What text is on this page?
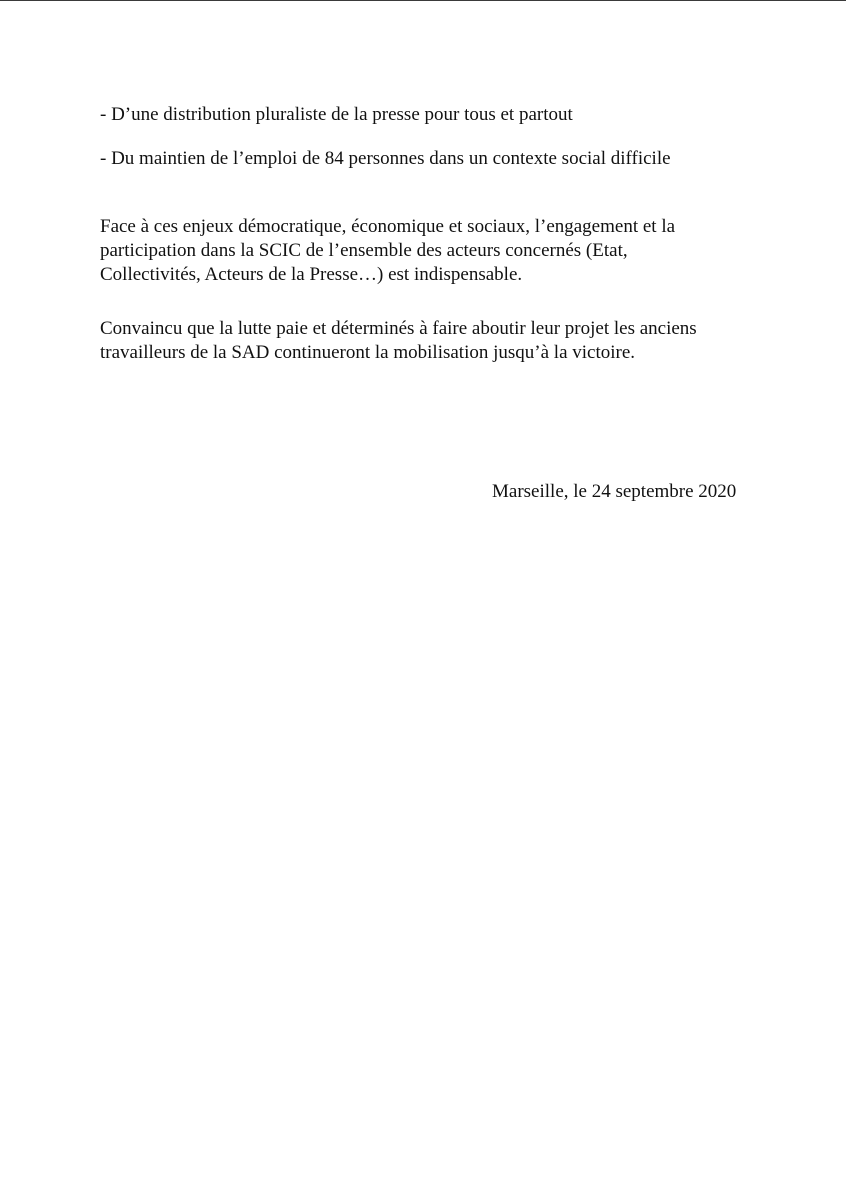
- D’une distribution pluraliste de la presse pour tous et partout
- Du maintien de l’emploi de 84 personnes dans un contexte social difficile
Face à ces enjeux démocratique, économique et sociaux, l’engagement et la
participation dans la SCIC de l’ensemble des acteurs concernés (Etat,
Collectivités, Acteurs de la Presse…) est indispensable.
Convaincu que la lutte paie et déterminés à faire aboutir leur projet les anciens
travailleurs de la SAD continueront la mobilisation jusqu’à la victoire.
Marseille, le 24 septembre 2020
